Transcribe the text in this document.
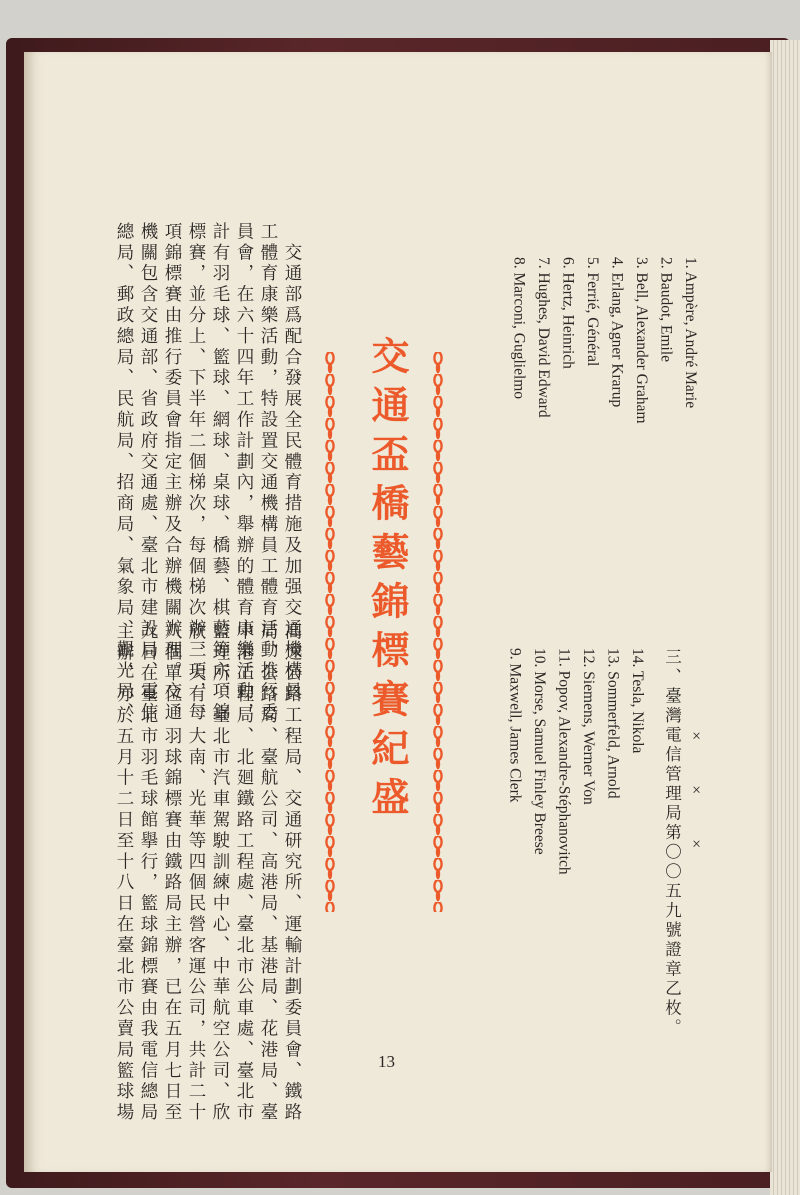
　交通部爲配合發展全民體育措施及加强交通機構員
工體育康樂活動，特設置交通機構員工體育活動推行委
員會，在六十四年工作計劃內，舉辦的體育康樂活動，
計有羽毛球、籃球、網球、桌球、橋藝、棋藝等六項錦
標賽，並分上、下半年二個梯次，每個梯次辦三項，每
項錦標賽由推行委員會指定主辦及合辦機關辦理。交通
機關包含交通部、省政府交通處、臺北市建設局、電信
總局、郵政總局、民航局、招商局、氣象局、觀光局、
高速公路工程局、交通研究所、運輸計劃委員會、鐵路
局、公路局、臺航公司、高港局、基港局、花港局、臺
中港工程局、北廻鐵路工程處、臺北市公車處、臺北市
監理所、臺北市汽車駕駛訓練中心、中華航空公司、欣
欣、大有、大南、光華等四個民營客運公司，共計二十
八個單位，羽球錦標賽由鐵路局主辦，已在五月七日至
九日在臺北市羽毛球館擧行，籃球錦標賽由我電信總局
主辦，亦於五月十二日至十八日在臺北市公賣局籃球場
交通盃橋藝錦標賽紀盛
1. Ampère, André Marie
2. Baudot, Emile
3. Bell, Alexander Graham
4. Erlang, Agner Krarup
5. Ferrié, Général
6. Hertz, Heinrich
7. Hughes, David Edward
8. Marconi, Guglielmo
×　　×　　×
三、臺灣電信管理局第〇〇五九號證章乙枚。
14. Tesla, Nikola
13. Sommerfeld, Arnold
12. Siemens, Werner Von
11. Popov, Alexandre-Stéphanovitch
10. Morse, Samuel Finley Breese
9. Maxwell, James Clerk
13
